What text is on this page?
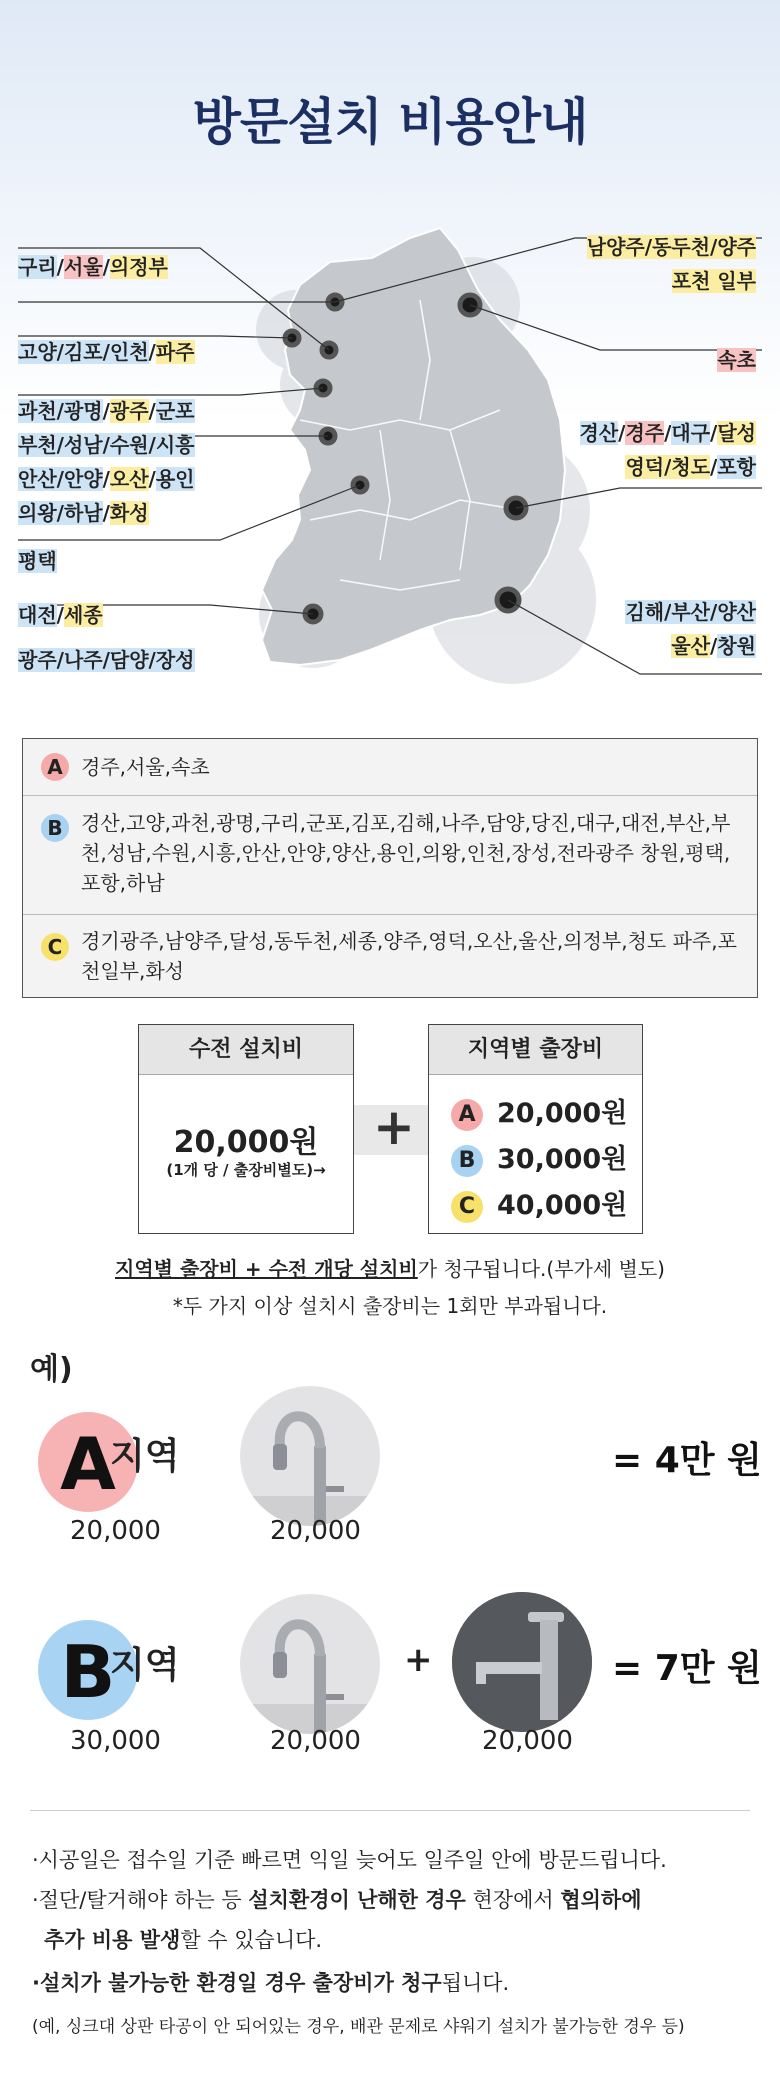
방문설치 비용안내
구리/서울/의정부
고양/김포/인천/파주
과천/광명/광주/군포
부천/성남/수원/시흥
안산/안양/오산/용인
의왕/하남/화성
평택
대전/세종
광주/나주/담양/장성
남양주/동두천/양주
포천 일부
속초
경산/경주/대구/달성
영덕/청도/포항
김해/부산/양산
울산/창원
A 경주,서울,속초
B 경산,고양,과천,광명,구리,군포,김포,김해,나주,담양,당진,대구,대전,부산,부천,성남,수원,시흥,안산,안양,양산,용인,의왕,인천,장성,전라광주 창원,평택,포항,하남
C 경기광주,남양주,달성,동두천,세종,양주,영덕,오산,울산,의정부,청도 파주,포천일부,화성
수전 설치비
20,000원
(1개 당 / 출장비별도)→
+
지역별 출장비
A 20,000원
B 30,000원
C 40,000원
지역별 출장비 + 수전 개당 설치비가 청구됩니다.(부가세 별도)
*두 가지 이상 설치시 출장비는 1회만 부과됩니다.
예)
A
지역
20,000	20,000
= 4만 원
B
지역
30,000	20,000
+
20,000
= 7만 원
·시공일은 접수일 기준 빠르면 익일 늦어도 일주일 안에 방문드립니다.
·절단/탈거해야 하는 등 설치환경이 난해한 경우 현장에서 협의하에
추가 비용 발생할 수 있습니다.
·설치가 불가능한 환경일 경우 출장비가 청구됩니다.
(예, 싱크대 상판 타공이 안 되어있는 경우, 배관 문제로 샤워기 설치가 불가능한 경우 등)
